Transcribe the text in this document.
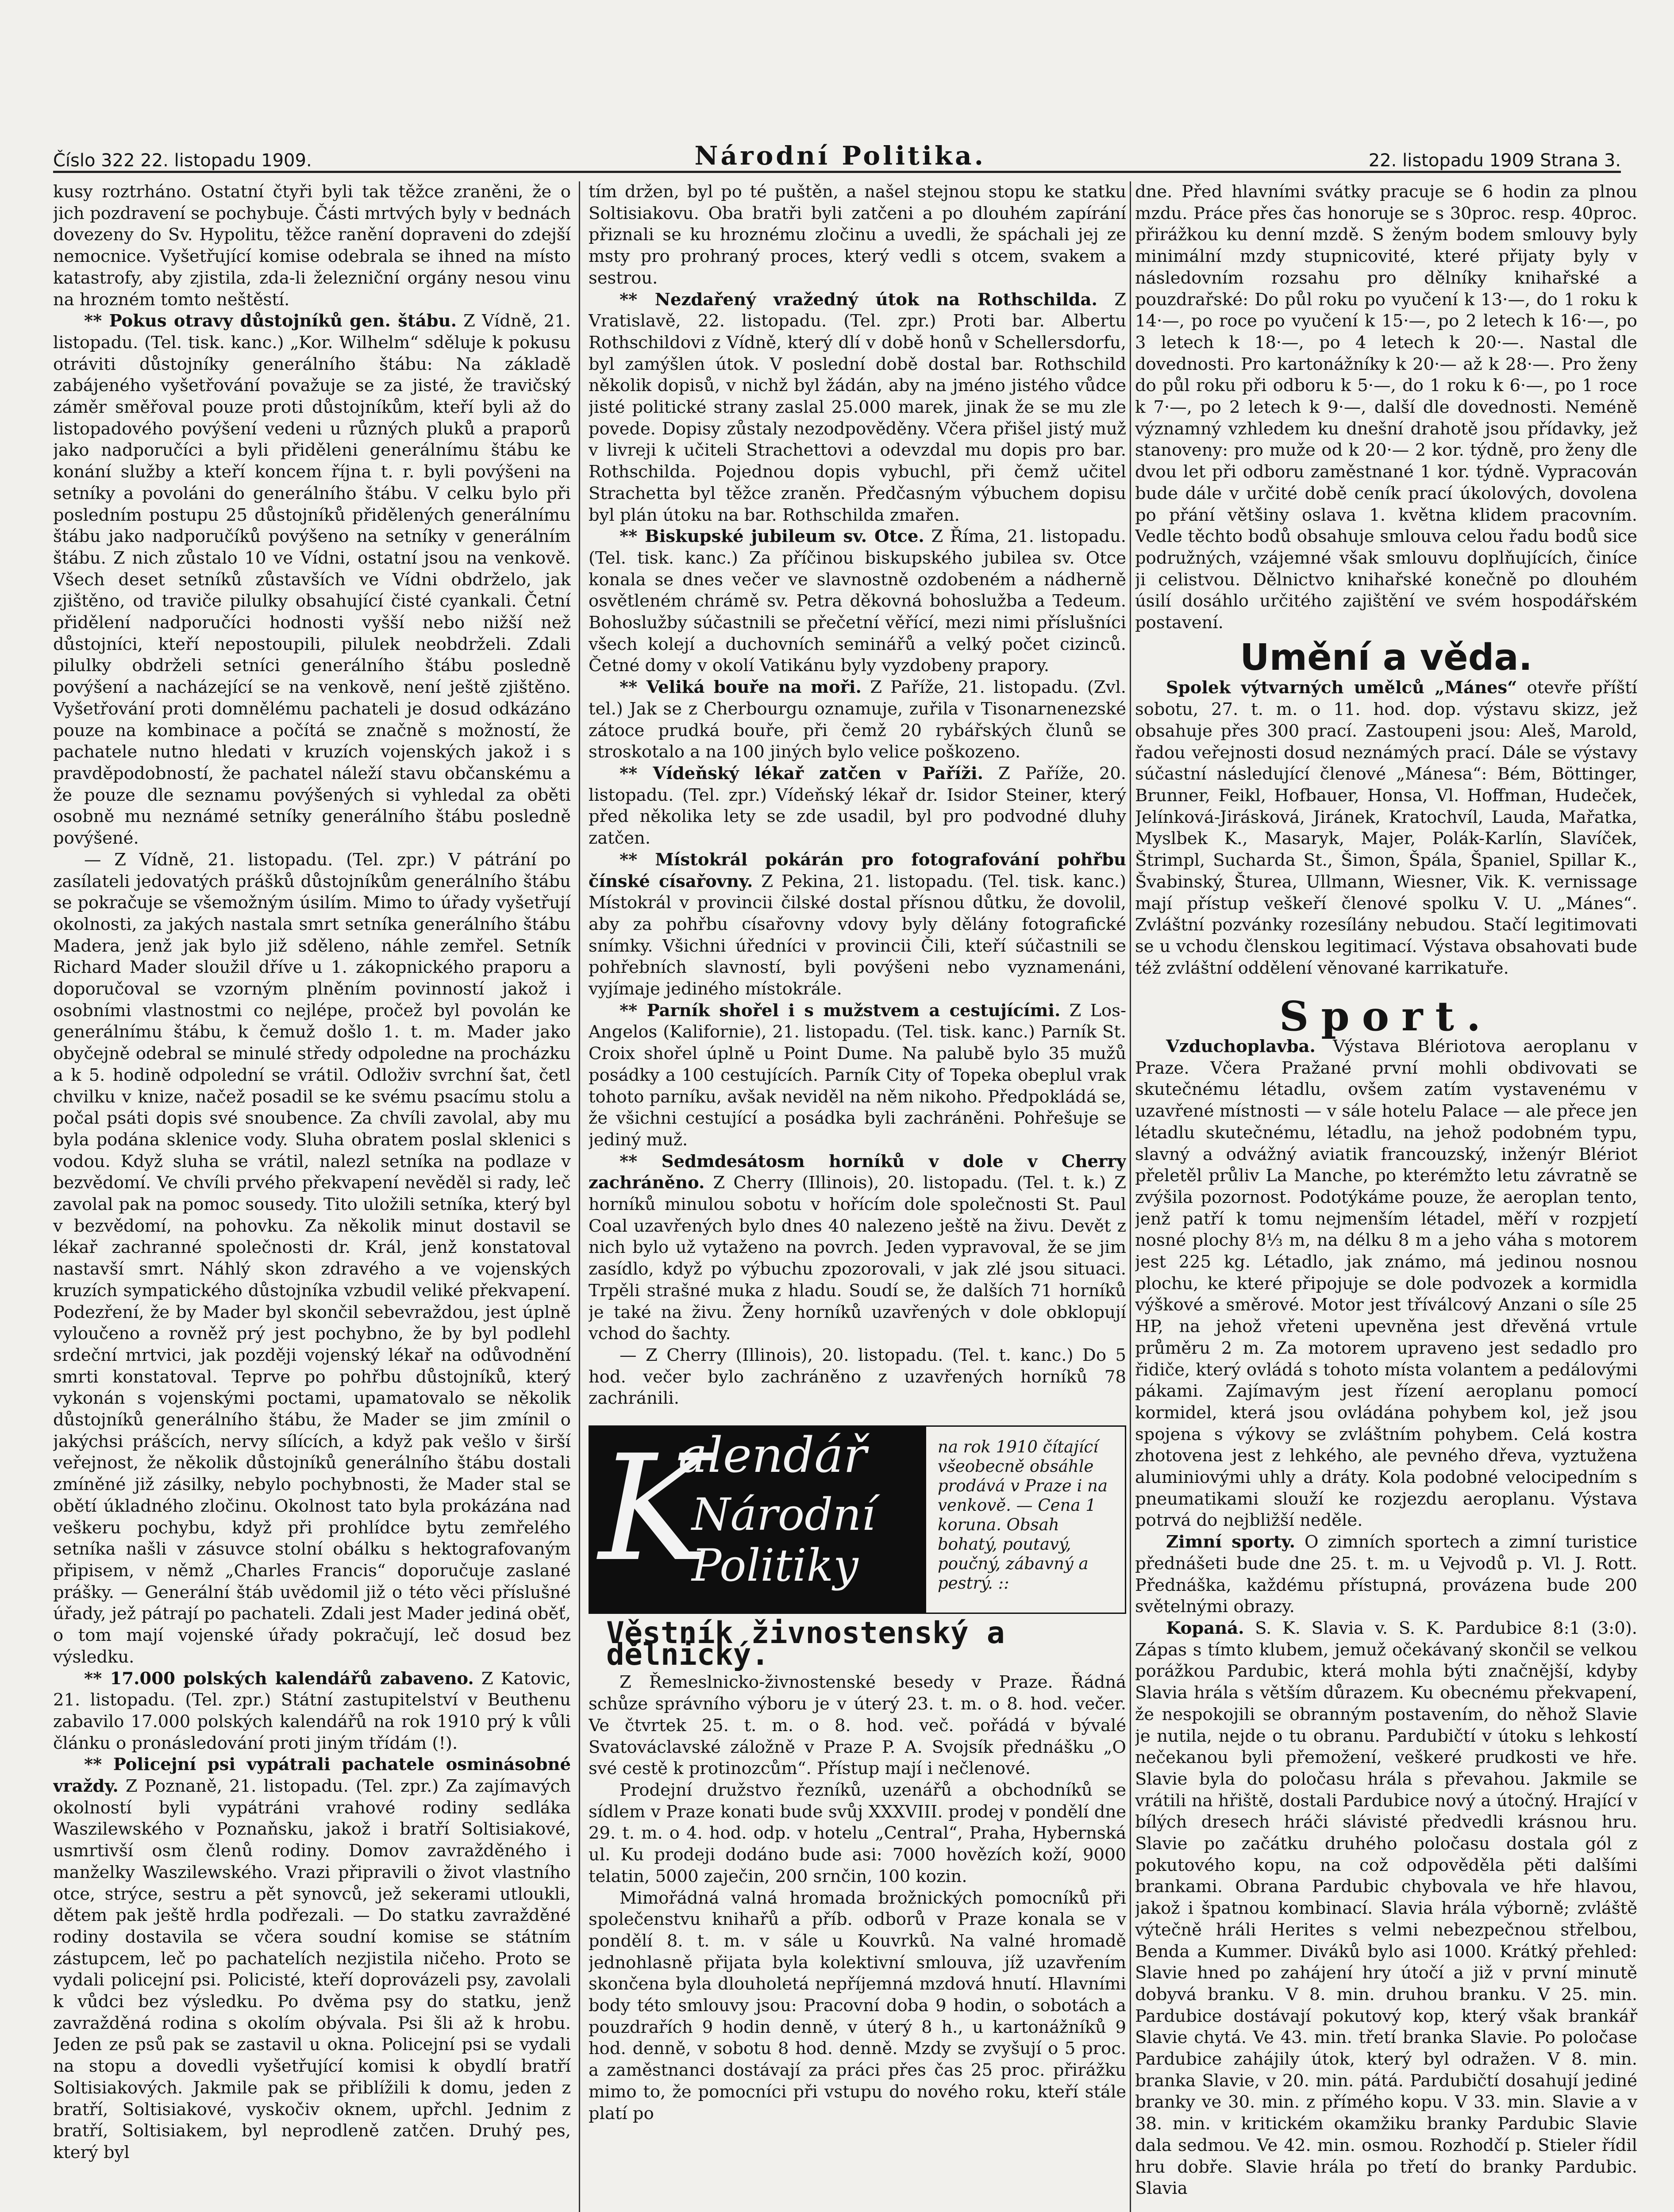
Číslo 322 22. listopadu 1909.	Národní Politika.	22. listopadu 1909 Strana 3.

kusy roztrháno. Ostatní čtyři byli tak těžce zraněni, že o jich pozdravení se pochybuje. Části mrtvých byly v bednách dovezeny do Sv. Hypolitu, těžce ranění dopraveni do zdejší nemocnice. Vyšetřující komise odebrala se ihned na místo katastrofy, aby zjistila, zda-li železniční orgány nesou vinu na hrozném tomto neštěstí.

** Pokus otravy důstojníků gen. štábu. Z Vídně, 21. listopadu. (Tel. tisk. kanc.) „Kor. Wilhelm“ sděluje k pokusu otráviti důstojníky generálního štábu: Na základě zabájeného vyšetřování považuje se za jisté, že travičský záměr směřoval pouze proti důstojníkům, kteří byli až do listopadového povýšení vedeni u různých pluků a praporů jako nadporučíci a byli přiděleni generálnímu štábu ke konání služby a kteří koncem října t. r. byli povýšeni na setníky a povoláni do generálního štábu. V celku bylo při posledním postupu 25 důstojníků přidělených generálnímu štábu jako nadporučíků povýšeno na setníky v generálním štábu. Z nich zůstalo 10 ve Vídni, ostatní jsou na venkově. Všech deset setníků zůstavších ve Vídni obdrželo, jak zjištěno, od traviče pilulky obsahující čisté cyankali. Četní přidělení nadporučíci hodnosti vyšší nebo nižší než důstojníci, kteří nepostoupili, pilulek neobdrželi. Zdali pilulky obdrželi setníci generálního štábu posledně povýšení a nacházející se na venkově, není ještě zjištěno. Vyšetřování proti domnělému pachateli je dosud odkázáno pouze na kombinace a počítá se značně s možností, že pachatele nutno hledati v kruzích vojenských jakož i s pravděpodobností, že pachatel náleží stavu občanskému a že pouze dle seznamu povýšených si vyhledal za oběti osobně mu neznámé setníky generálního štábu posledně povýšené.

— Z Vídně, 21. listopadu. (Tel. zpr.) V pátrání po zasílateli jedovatých prášků důstojníkům generálního štábu se pokračuje se všemožným úsilím. Mimo to úřady vyšetřují okolnosti, za jakých nastala smrt setníka generálního štábu Madera, jenž jak bylo již sděleno, náhle zemřel. Setník Richard Mader sloužil dříve u 1. zákopnického praporu a doporučoval se vzorným plněním povinností jakož i osobními vlastnostmi co nejlépe, pročež byl povolán ke generálnímu štábu, k čemuž došlo 1. t. m. Mader jako obyčejně odebral se minulé středy odpoledne na procházku a k 5. hodině odpolední se vrátil. Odloživ svrchní šat, četl chvilku v knize, načež posadil se ke svému psacímu stolu a počal psáti dopis své snoubence. Za chvíli zavolal, aby mu byla podána sklenice vody. Sluha obratem poslal sklenici s vodou. Když sluha se vrátil, nalezl setníka na podlaze v bezvědomí. Ve chvíli prvého překvapení nevěděl si rady, leč zavolal pak na pomoc sousedy. Tito uložili setníka, který byl v bezvědomí, na pohovku. Za několik minut dostavil se lékař zachranné společnosti dr. Král, jenž konstatoval nastavší smrt. Náhlý skon zdravého a ve vojenských kruzích sympatického důstojníka vzbudil veliké překvapení. Podezření, že by Mader byl skončil sebevraždou, jest úplně vyloučeno a rovněž prý jest pochybno, že by byl podlehl srdeční mrtvici, jak později vojenský lékař na odůvodnění smrti konstatoval. Teprve po pohřbu důstojníků, který vykonán s vojenskými poctami, upamatovalo se několik důstojníků generálního štábu, že Mader se jim zmínil o jakýchsi prášcích, nervy sílících, a když pak vešlo v širší veřejnost, že několik důstojníků generálního štábu dostali zmíněné již zásilky, nebylo pochybnosti, že Mader stal se obětí úkladného zločinu. Okolnost tato byla prokázána nad veškeru pochybu, když při prohlídce bytu zemřelého setníka našli v zásuvce stolní obálku s hektografovaným připisem, v němž „Charles Francis“ doporučuje zaslané prášky. — Generální štáb uvědomil již o této věci příslušné úřady, jež pátrají po pachateli. Zdali jest Mader jediná oběť, o tom mají vojenské úřady pokračují, leč dosud bez výsledku.

** 17.000 polských kalendářů zabaveno. Z Katovic, 21. listopadu. (Tel. zpr.) Státní zastupitelství v Beuthenu zabavilo 17.000 polských kalendářů na rok 1910 prý k vůli článku o pronásledování proti jiným třídám (!).

** Policejní psi vypátrali pachatele osminásobné vraždy. Z Poznaně, 21. listopadu. (Tel. zpr.) Za zajímavých okolností byli vypátráni vrahové rodiny sedláka Waszilewského v Poznaňsku, jakož i bratří Soltisiakové, usmrtivší osm členů rodiny. Domov zavražděného i manželky Waszilewského. Vrazi připravili o život vlastního otce, strýce, sestru a pět synovců, jež sekerami utloukli, dětem pak ještě hrdla podřezali. — Do statku zavražděné rodiny dostavila se včera soudní komise se státním zástupcem, leč po pachatelích nezjistila ničeho. Proto se vydali policejní psi. Policisté, kteří doprovázeli psy, zavolali k vůdci bez výsledku. Po dvěma psy do statku, jenž zavražděná rodina s okolím obývala. Psi šli až k hrobu. Jeden ze psů pak se zastavil u okna. Policejní psi se vydali na stopu a dovedli vyšetřující komisi k obydlí bratří Soltisiakových. Jakmile pak se přiblížili k domu, jeden z bratří, Soltisiakové, vyskočiv oknem, upřchl. Jednim z bratří, Soltisiakem, byl neprodleně zatčen. Druhý pes, který byl

tím držen, byl po té puštěn, a našel stejnou stopu ke statku Soltisiakovu. Oba bratři byli zatčeni a po dlouhém zapírání přiznali se ku hroznému zločinu a uvedli, že spáchali jej ze msty pro prohraný proces, který vedli s otcem, svakem a sestrou.

** Nezdařený vražedný útok na Rothschilda. Z Vratislavě, 22. listopadu. (Tel. zpr.) Proti bar. Albertu Rothschildovi z Vídně, který dlí v době honů v Schellersdorfu, byl zamýšlen útok. V poslední době dostal bar. Rothschild několik dopisů, v nichž byl žádán, aby na jméno jistého vůdce jisté politické strany zaslal 25.000 marek, jinak že se mu zle povede. Dopisy zůstaly nezodpověděny. Včera přišel jistý muž v livreji k učiteli Strachettovi a odevzdal mu dopis pro bar. Rothschilda. Pojednou dopis vybuchl, při čemž učitel Strachetta byl těžce zraněn. Předčasným výbuchem dopisu byl plán útoku na bar. Rothschilda zmařen.

** Biskupské jubileum sv. Otce. Z Říma, 21. listopadu. (Tel. tisk. kanc.) Za příčinou biskupského jubilea sv. Otce konala se dnes večer ve slavnostně ozdobeném a nádherně osvětleném chrámě sv. Petra děkovná bohoslužba a Tedeum. Bohoslužby súčastnili se přečetní věřící, mezi nimi příslušníci všech kolejí a duchovních seminářů a velký počet cizinců. Četné domy v okolí Vatikánu byly vyzdobeny prapory.

** Veliká bouře na moři. Z Paříže, 21. listopadu. (Zvl. tel.) Jak se z Cherbourgu oznamuje, zuřila v Tisonarnenezské zátoce prudká bouře, při čemž 20 rybářských člunů se stroskotalo a na 100 jiných bylo velice poškozeno.

** Vídeňský lékař zatčen v Paříži. Z Paříže, 20. listopadu. (Tel. zpr.) Vídeňský lékař dr. Isidor Steiner, který před několika lety se zde usadil, byl pro podvodné dluhy zatčen.

** Místokrál pokárán pro fotografování pohřbu čínské císařovny. Z Pekina, 21. listopadu. (Tel. tisk. kanc.) Místokrál v provincii čilské dostal přísnou důtku, že dovolil, aby za pohřbu císařovny vdovy byly dělány fotografické snímky. Všichni úředníci v provincii Čili, kteří súčastnili se pohřebních slavností, byli povýšeni nebo vyznamenáni, vyjímaje jediného místokrále.

** Parník shořel i s mužstvem a cestujícími. Z Los-Angelos (Kalifornie), 21. listopadu. (Tel. tisk. kanc.) Parník St. Croix shořel úplně u Point Dume. Na palubě bylo 35 mužů posádky a 100 cestujících. Parník City of Topeka obeplul vrak tohoto parníku, avšak neviděl na něm nikoho. Předpokládá se, že všichni cestující a posádka byli zachráněni. Pohřešuje se jediný muž.

** Sedmdesátosm horníků v dole v Cherry zachráněno. Z Cherry (Illinois), 20. listopadu. (Tel. t. k.) Z horníků minulou sobotu v hořícím dole společnosti St. Paul Coal uzavřených bylo dnes 40 nalezeno ještě na živu. Devět z nich bylo už vytaženo na povrch. Jeden vypravoval, že se jim zasídlo, když po výbuchu zpozorovali, v jak zlé jsou situaci. Trpěli strašné muka z hladu. Soudí se, že dalších 71 horníků je také na živu. Ženy horníků uzavřených v dole obklopují vchod do šachty.

— Z Cherry (Illinois), 20. listopadu. (Tel. t. kanc.) Do 5 hod. večer bylo zachráněno z uzavřených horníků 78 zachránili.

K
alendář
Národní
Politiky
na rok 1910 čítající všeobecně obsáhle prodává v Praze i na venkově. — Cena 1 koruna. Obsah bohatý, poutavý, poučný, zábavný a pestrý. ::
Věstník živnostenský a dělnický.

Z Řemeslnicko-živnostenské besedy v Praze. Řádná schůze správního výboru je v úterý 23. t. m. o 8. hod. večer. Ve čtvrtek 25. t. m. o 8. hod. več. pořádá v bývalé Svatováclavské záložně v Praze P. A. Svojsík přednášku „O své cestě k protinozcům“. Přístup mají i nečlenové.

Prodejní družstvo řezníků, uzenářů a obchodníků se sídlem v Praze konati bude svůj XXXVIII. prodej v pondělí dne 29. t. m. o 4. hod. odp. v hotelu „Central“, Praha, Hybernská ul. Ku prodeji dodáno bude asi: 7000 hovězích koží, 9000 telatin, 5000 zaječin, 200 srnčin, 100 kozin.

Mimořádná valná hromada brožnických pomocníků při společenstvu knihařů a příb. odborů v Praze konala se v pondělí 8. t. m. v sále u Kouvrků. Na valné hromadě jednohlasně přijata byla kolektivní smlouva, jíž uzavřením skončena byla dlouholetá nepříjemná mzdová hnutí. Hlavními body této smlouvy jsou: Pracovní doba 9 hodin, o sobotách a pouzdrařích 9 hodin denně, v úterý 8 h., u kartonážníků 9 hod. denně, v sobotu 8 hod. denně. Mzdy se zvyšují o 5 proc. a zaměstnanci dostávají za práci přes čas 25 proc. přirážku mimo to, že pomocníci při vstupu do nového roku, kteří stále platí po

dne. Před hlavními svátky pracuje se 6 hodin za plnou mzdu. Práce přes čas honoruje se s 30proc. resp. 40proc. přirážkou ku denní mzdě. S ženým bodem smlouvy byly minimální mzdy stupnicovité, které přijaty byly v následovním rozsahu pro dělníky knihařské a pouzdrařské: Do půl roku po vyučení k 13·—, do 1 roku k 14·—, po roce po vyučení k 15·—, po 2 letech k 16·—, po 3 letech k 18·—, po 4 letech k 20·—. Nastal dle dovednosti. Pro kartonážníky k 20·— až k 28·—. Pro ženy do půl roku při odboru k 5·—, do 1 roku k 6·—, po 1 roce k 7·—, po 2 letech k 9·—, další dle dovednosti. Neméně významný vzhledem ku dnešní drahotě jsou přídavky, jež stanoveny: pro muže od k 20·— 2 kor. týdně, pro ženy dle dvou let při odboru zaměstnané 1 kor. týdně. Vypracován bude dále v určité době ceník prací úkolových, dovolena po přání většiny oslava 1. května klidem pracovním. Vedle těchto bodů obsahuje smlouva celou řadu bodů sice podružných, vzájemné však smlouvu doplňujících, činíce ji celistvou. Dělnictvo knihařské konečně po dlouhém úsilí dosáhlo určitého zajištění ve svém hospodářském postavení.

Umění a věda.

Spolek výtvarných umělců „Mánes“ otevře příští sobotu, 27. t. m. o 11. hod. dop. výstavu skizz, jež obsahuje přes 300 prací. Zastoupeni jsou: Aleš, Marold, řadou veřejnosti dosud neznámých prací. Dále se výstavy súčastní následující členové „Mánesa“: Bém, Böttinger, Brunner, Feikl, Hofbauer, Honsa, Vl. Hoffman, Hudeček, Jelínková-Jirásková, Jiránek, Kratochvíl, Lauda, Mařatka, Myslbek K., Masaryk, Majer, Polák-Karlín, Slavíček, Štrimpl, Sucharda St., Šimon, Špála, Španiel, Spillar K., Švabinský, Šturea, Ullmann, Wiesner, Vik. K. vernissage mají přístup veškeří členové spolku V. U. „Mánes“. Zvláštní pozvánky rozesílány nebudou. Stačí legitimovati se u vchodu členskou legitimací. Výstava obsahovati bude též zvláštní oddělení věnované karrikatuře.

Sport.

Vzduchoplavba. Výstava Blériotova aeroplanu v Praze. Včera Pražané první mohli obdivovati se skutečnému létadlu, ovšem zatím vystavenému v uzavřené místnosti — v sále hotelu Palace — ale přece jen létadlu skutečnému, létadlu, na jehož podobném typu, slavný a odvážný aviatik francouzský, inženýr Blériot přeletěl průliv La Manche, po kterémžto letu závratně se zvýšila pozornost. Podotýkáme pouze, že aeroplan tento, jenž patří k tomu nejmenším létadel, měří v rozpjetí nosné plochy 8⅓ m, na délku 8 m a jeho váha s motorem jest 225 kg. Létadlo, jak známo, má jedinou nosnou plochu, ke které připojuje se dole podvozek a kormidla výškové a směrové. Motor jest tříválcový Anzani o síle 25 HP, na jehož vřeteni upevněna jest dřevěná vrtule průměru 2 m. Za motorem upraveno jest sedadlo pro řidiče, který ovládá s tohoto místa volantem a pedálovými pákami. Zajímavým jest řízení aeroplanu pomocí kormidel, která jsou ovládána pohybem kol, jež jsou spojena s výkovy se zvláštním pohybem. Celá kostra zhotovena jest z lehkého, ale pevného dřeva, vyztužena aluminiovými uhly a dráty. Kola podobné velocipedním s pneumatikami slouží ke rozjezdu aeroplanu. Výstava potrvá do nejbližší neděle.

Zimní sporty. O zimních sportech a zimní turistice přednášeti bude dne 25. t. m. u Vejvodů p. Vl. J. Rott. Přednáška, každému přístupná, provázena bude 200 světelnými obrazy.

Kopaná. S. K. Slavia v. S. K. Pardubice 8:1 (3:0). Zápas s tímto klubem, jemuž očekávaný skončil se velkou porážkou Pardubic, která mohla býti značnější, kdyby Slavia hrála s větším důrazem. Ku obecnému překvapení, že nespokojili se obranným postavením, do něhož Slavie je nutila, nejde o tu obranu. Pardubičtí v útoku s lehkostí nečekanou byli přemožení, veškeré prudkosti ve hře. Slavie byla do poločasu hrála s převahou. Jakmile se vrátili na hřiště, dostali Pardubice nový a útočný. Hrající v bílých dresech hráči slávisté předvedli krásnou hru. Slavie po začátku druhého poločasu dostala gól z pokutového kopu, na což odpověděla pěti dalšími brankami. Obrana Pardubic chybovala ve hře hlavou, jakož i špatnou kombinací. Slavia hrála výborně; zvláště výtečně hráli Herites s velmi nebezpečnou střelbou, Benda a Kummer. Diváků bylo asi 1000. Krátký přehled: Slavie hned po zahájení hry útočí a již v první minutě dobyvá branku. V 8. min. druhou branku. V 25. min. Pardubice dostávají pokutový kop, který však brankář Slavie chytá. Ve 43. min. třetí branka Slavie. Po poločase Pardubice zahájily útok, který byl odražen. V 8. min. branka Slavie, v 20. min. pátá. Pardubičtí dosahují jediné branky ve 30. min. z přímého kopu. V 33. min. Slavie a v 38. min. v kritickém okamžiku branky Pardubic Slavie dala sedmou. Ve 42. min. osmou. Rozhodčí p. Stieler řídil hru dobře. Slavie hrála po třetí do branky Pardubic. Slavia
